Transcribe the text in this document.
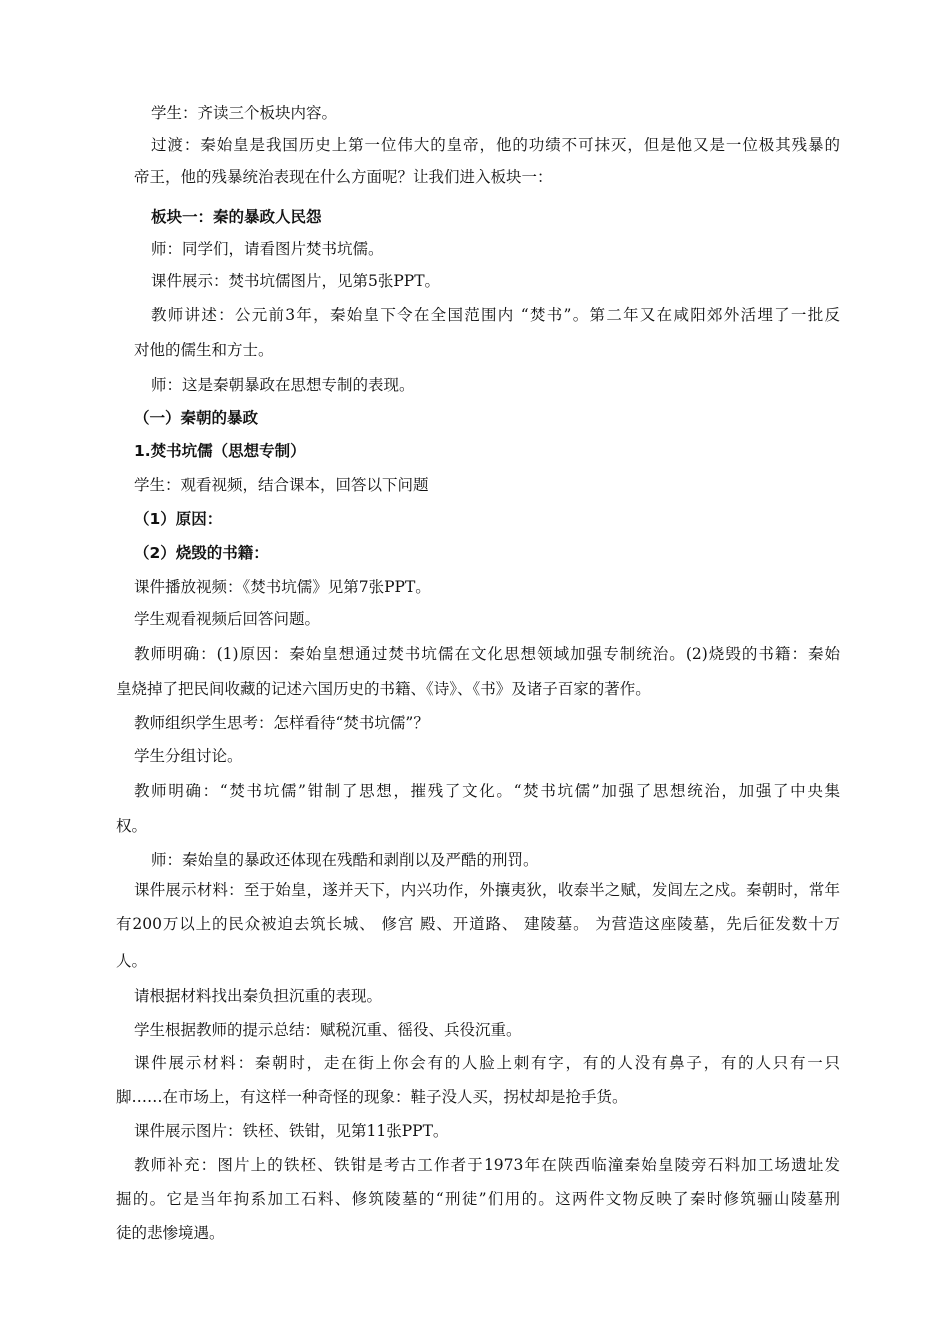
学生：齐读三个板块内容。
过渡：秦始皇是我国历史上第一位伟大的皇帝，他的功绩不可抹灭，但是他又是一位极其残暴的
帝王，他的残暴统治表现在什么方面呢？让我们进入板块一：
板块一：秦的暴政人民怨
师：同学们，请看图片焚书坑儒。
课件展示：焚书坑儒图片，见第5张PPT。
教师讲述：公元前3年，秦始皇下令在全国范围内 “焚书”。第二年又在咸阳郊外活埋了一批反
对他的儒生和方士。
师：这是秦朝暴政在思想专制的表现。
（一）秦朝的暴政
1.焚书坑儒（思想专制）
学生：观看视频，结合课本，回答以下问题
（1）原因：
（2）烧毁的书籍：
课件播放视频：《焚书坑儒》见第7张PPT。
学生观看视频后回答问题。
教师明确：(1)原因：秦始皇想通过焚书坑儒在文化思想领域加强专制统治。(2)烧毁的书籍：秦始
皇烧掉了把民间收藏的记述六国历史的书籍、《诗》、《书》及诸子百家的著作。
教师组织学生思考：怎样看待“焚书坑儒”？
学生分组讨论。
教师明确：“焚书坑儒”钳制了思想，摧残了文化。“焚书坑儒”加强了思想统治，加强了中央集
权。
师：秦始皇的暴政还体现在残酷和剥削以及严酷的刑罚。
课件展示材料：至于始皇，遂并天下，内兴功作，外攘夷狄，收泰半之赋，发闾左之戍。秦朝时，常年
有200万以上的民众被迫去筑长城、 修宫 殿、开道路、 建陵墓。 为营造这座陵墓，先后征发数十万
人。
请根据材料找出秦负担沉重的表现。
学生根据教师的提示总结：赋税沉重、徭役、兵役沉重。
课件展示材料：秦朝时，走在街上你会有的人脸上刺有字，有的人没有鼻子，有的人只有一只
脚……在市场上，有这样一种奇怪的现象：鞋子没人买，拐杖却是抢手货。
课件展示图片：铁柸、铁钳，见第11张PPT。
教师补充：图片上的铁柸、铁钳是考古工作者于1973年在陕西临潼秦始皇陵旁石料加工场遗址发
掘的。它是当年拘系加工石料、修筑陵墓的“刑徒”们用的。这两件文物反映了秦时修筑骊山陵墓刑
徒的悲惨境遇。
